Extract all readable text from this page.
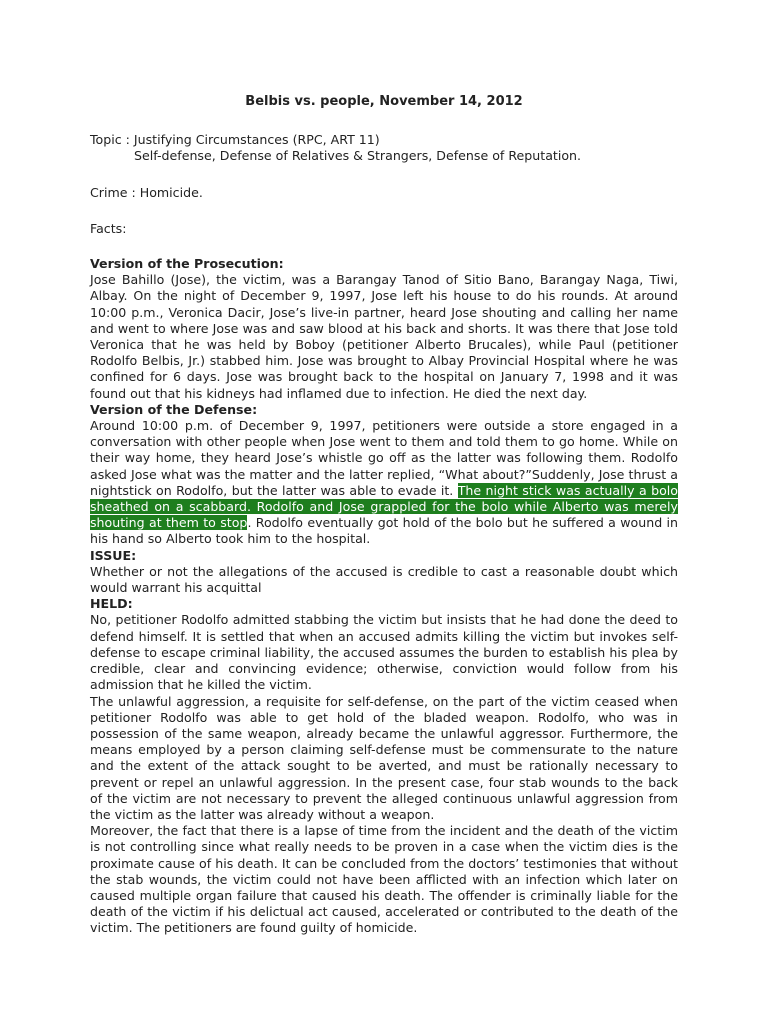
Belbis vs. people, November 14, 2012

Topic : Justifying Circumstances (RPC, ART 11)

Self-defense, Defense of Relatives & Strangers, Defense of Reputation.

Crime : Homicide.

Facts:

Version of the Prosecution:

Jose Bahillo (Jose), the victim, was a Barangay Tanod of Sitio Bano, Barangay Naga, Tiwi, Albay. On the night of December 9, 1997, Jose left his house to do his rounds. At around 10:00 p.m., Veronica Dacir, Jose’s live-in partner, heard Jose shouting and calling her name and went to where Jose was and saw blood at his back and shorts. It was there that Jose told Veronica that he was held by Boboy (petitioner Alberto Brucales), while Paul (petitioner Rodolfo Belbis, Jr.) stabbed him. Jose was brought to Albay Provincial Hospital where he was confined for 6 days. Jose was brought back to the hospital on January 7, 1998 and it was found out that his kidneys had inflamed due to infection. He died the next day.

Version of the Defense:

Around 10:00 p.m. of December 9, 1997, petitioners were outside a store engaged in a conversation with other people when Jose went to them and told them to go home. While on their way home, they heard Jose’s whistle go off as the latter was following them. Rodolfo asked Jose what was the matter and the latter replied, “What about?”Suddenly, Jose thrust a nightstick on Rodolfo, but the latter was able to evade it. The night stick was actually a bolo sheathed on a scabbard. Rodolfo and Jose grappled for the bolo while Alberto was merely shouting at them to stop. Rodolfo eventually got hold of the bolo but he suffered a wound in his hand so Alberto took him to the hospital.

ISSUE:

Whether or not the allegations of the accused is credible to cast a reasonable doubt which would warrant his acquittal

HELD:

No, petitioner Rodolfo admitted stabbing the victim but insists that he had done the deed to defend himself. It is settled that when an accused admits killing the victim but invokes self-defense to escape criminal liability, the accused assumes the burden to establish his plea by credible, clear and convincing evidence; otherwise, conviction would follow from his admission that he killed the victim.

The unlawful aggression, a requisite for self-defense, on the part of the victim ceased when petitioner Rodolfo was able to get hold of the bladed weapon. Rodolfo, who was in possession of the same weapon, already became the unlawful aggressor. Furthermore, the means employed by a person claiming self-defense must be commensurate to the nature and the extent of the attack sought to be averted, and must be rationally necessary to prevent or repel an unlawful aggression. In the present case, four stab wounds to the back of the victim are not necessary to prevent the alleged continuous unlawful aggression from the victim as the latter was already without a weapon.

Moreover, the fact that there is a lapse of time from the incident and the death of the victim is not controlling since what really needs to be proven in a case when the victim dies is the proximate cause of his death. It can be concluded from the doctors’ testimonies that without the stab wounds, the victim could not have been afflicted with an infection which later on caused multiple organ failure that caused his death. The offender is criminally liable for the death of the victim if his delictual act caused, accelerated or contributed to the death of the victim. The petitioners are found guilty of homicide.
